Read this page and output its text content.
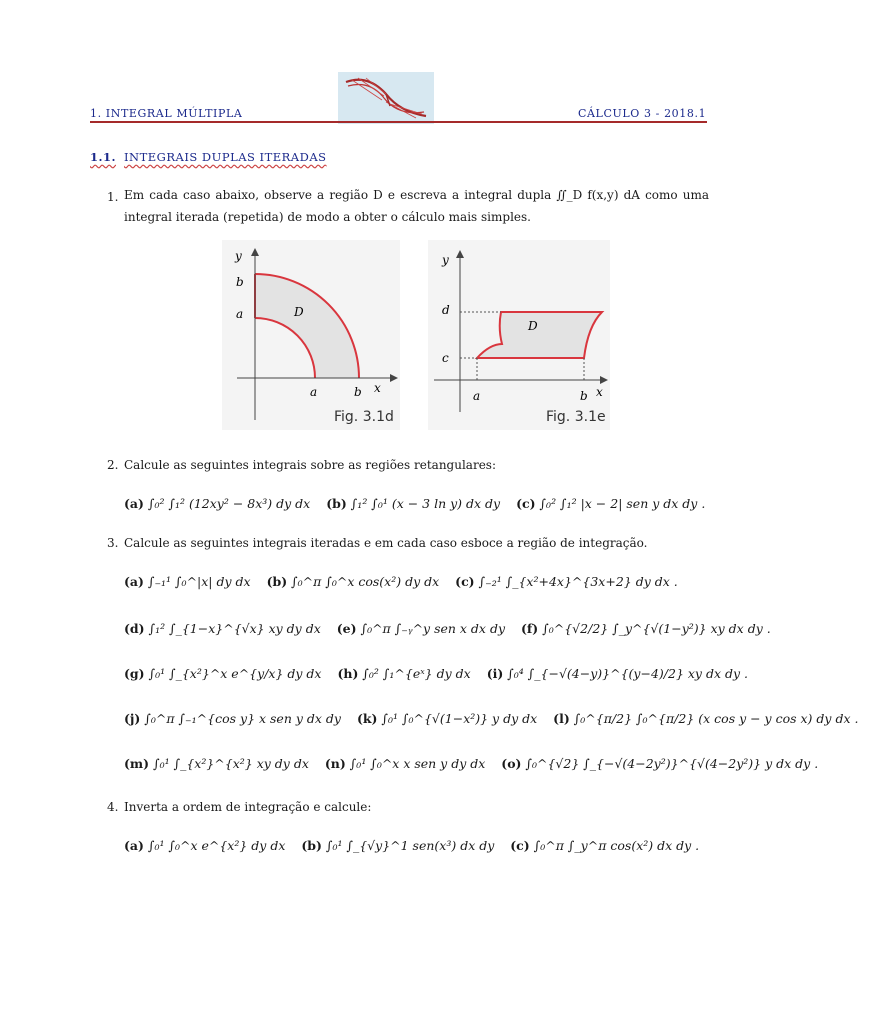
1. INTEGRAL MÚLTIPLA	CÁLCULO 3 - 2018.1
1.1. INTEGRAIS DUPLAS ITERADAS
1. Em cada caso abaixo, observe a região D e escreva a integral dupla ∬_D f(x,y) dA como uma integral iterada (repetida) de modo a obter o cálculo mais simples.
y
b
a	D
a	b x
Fig. 3.1d
y
d
c
D
a	b x
Fig. 3.1e
2. Calcule as seguintes integrais sobre as regiões retangulares:
(a) ∫₀² ∫₁² (12xy² − 8x³) dy dx (b) ∫₁² ∫₀¹ (x − 3 ln y) dx dy (c) ∫₀² ∫₁² |x − 2| sen y dx dy .
3. Calcule as seguintes integrais iteradas e em cada caso esboce a região de integração.
(a) ∫₋₁¹ ∫₀^|x| dy dx (b) ∫₀^π ∫₀^x cos(x²) dy dx (c) ∫₋₂¹ ∫_{x²+4x}^{3x+2} dy dx .
(d) ∫₁² ∫_{1−x}^{√x} xy dy dx (e) ∫₀^π ∫₋ᵧ^y sen x dx dy (f) ∫₀^{√2/2} ∫_y^{√(1−y²)} xy dx dy .
(g) ∫₀¹ ∫_{x²}^x e^{y/x} dy dx (h) ∫₀² ∫₁^{eˣ} dy dx (i) ∫₀⁴ ∫_{−√(4−y)}^{(y−4)/2} xy dx dy .
(j) ∫₀^π ∫₋₁^{cos y} x sen y dx dy (k) ∫₀¹ ∫₀^{√(1−x²)} y dy dx (l) ∫₀^{π/2} ∫₀^{π/2} (x cos y − y cos x) dy dx .
(m) ∫₀¹ ∫_{x²}^{x²} xy dy dx (n) ∫₀¹ ∫₀^x x sen y dy dx (o) ∫₀^{√2} ∫_{−√(4−2y²)}^{√(4−2y²)} y dx dy .
4. Inverta a ordem de integração e calcule:
(a) ∫₀¹ ∫₀^x e^{x²} dy dx (b) ∫₀¹ ∫_{√y}^1 sen(x³) dx dy (c) ∫₀^π ∫_y^π cos(x²) dx dy .
